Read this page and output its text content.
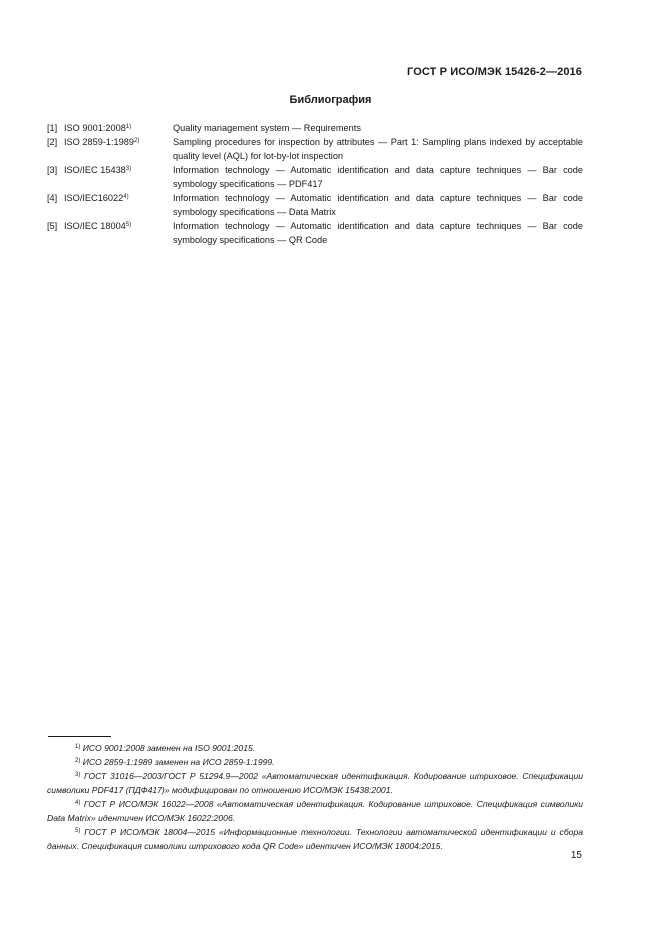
ГОСТ Р ИСО/МЭК 15426-2—2016
Библиография
[1] ISO 9001:2008$^{1)}$	Quality management system — Requirements
[2] ISO 2859-1:1989$^{2)}$	Sampling procedures for inspection by attributes — Part 1: Sampling plans indexed by acceptable quality level (AQL) for lot-by-lot inspection
[3] ISO/IEC 15438$^{3)}$	Information technology — Automatic identification and data capture techniques — Bar code symbology specifications — PDF417
[4] ISO/IEC16022$^{4)}$	Information technology — Automatic identification and data capture techniques — Bar code symbology specifications — Data Matrix
[5] ISO/IEC 18004$^{5)}$	Information technology — Automatic identification and data capture techniques — Bar code symbology specifications — QR Code
$^{1)}$ ИСО 9001:2008 заменен на ISO 9001:2015.
$^{2)}$ ИСО 2859-1:1989 заменен на ИСО 2859-1:1999.
$^{3)}$ ГОСТ 31016—2003/ГОСТ Р 51294.9—2002 «Автоматическая идентификация. Кодирование штриховое. Спецификации символики PDF417 (ПДФ417)» модифицирован по отношению ИСО/МЭК 15438:2001.
$^{4)}$ ГОСТ Р ИСО/МЭК 16022—2008 «Автоматическая идентификация. Кодирование штриховое. Спецификация символики Data Matrix» идентичен ИСО/МЭК 16022:2006.
$^{5)}$ ГОСТ Р ИСО/МЭК 18004—2015 «Информационные технологии. Технологии автоматической идентификации и сбора данных. Спецификация символики штрихового кода QR Code» идентичен ИСО/МЭК 18004:2015.
15
